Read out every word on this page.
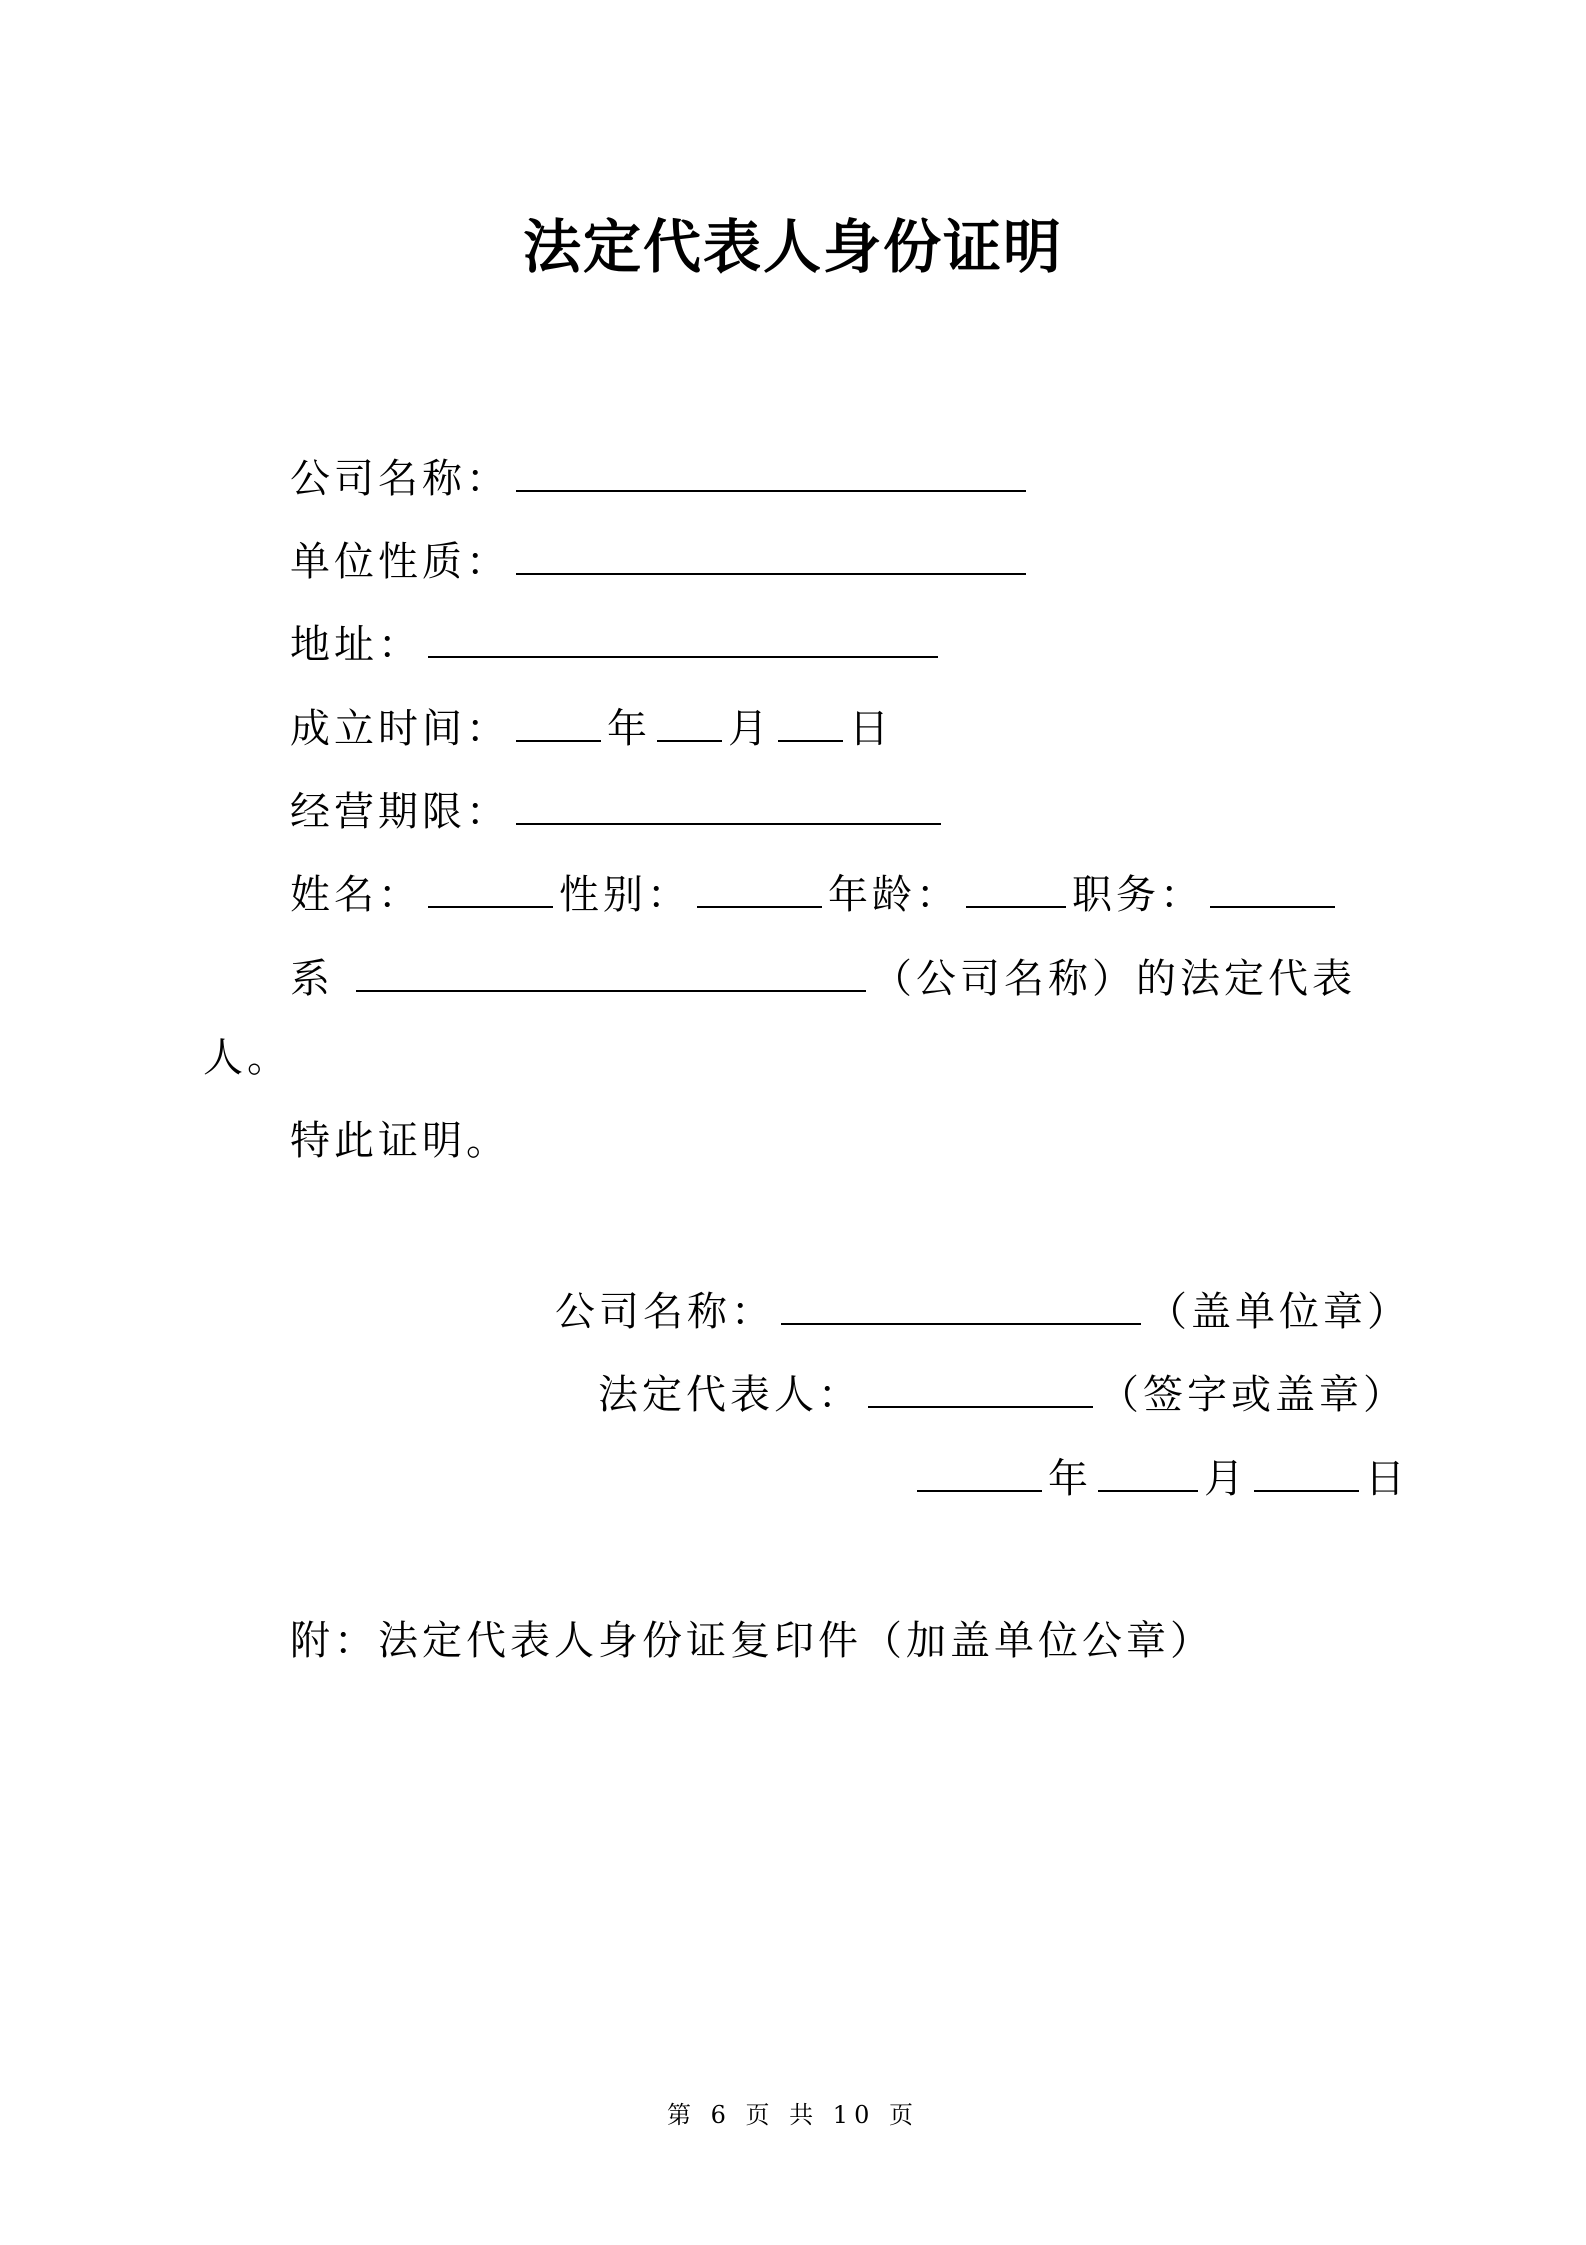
法定代表人身份证明
公司名称：
单位性质：
地址：
成立时间： 年 月 日
经营期限：
姓名：	性别：	年龄：	职务：
系	（公司名称）的法定代表
人。
特此证明。
公司名称：	（盖单位章）
法定代表人：	（签字或盖章）
年	月	日
附：法定代表人身份证复印件（加盖单位公章）
第 6 页 共 10 页
